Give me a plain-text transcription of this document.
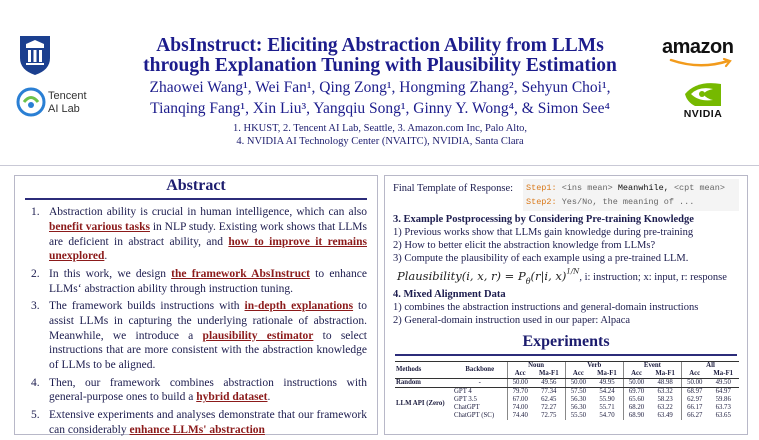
Tencent
AI Lab
amazon
NVIDIA
AbsInstruct: Eliciting Abstraction Ability from LLMs
through Explanation Tuning with Plausibility Estimation
Zhaowei Wang¹, Wei Fan¹, Qing Zong¹, Hongming Zhang², Sehyun Choi¹,
Tianqing Fang¹, Xin Liu³, Yangqiu Song¹, Ginny Y. Wong⁴, & Simon See⁴
1. HKUST, 2. Tencent AI Lab, Seattle, 3. Amazon.com Inc, Palo Alto,
4. NVIDIA AI Technology Center (NVAITC), NVIDIA, Santa Clara
Abstract
1. Abstraction ability is crucial in human intelligence, which can also benefit various tasks in NLP study. Existing work shows that LLMs are deficient in abstract ability, and how to improve it remains unexplored.
2. In this work, we design the framework AbsInstruct to enhance LLMs‘ abstraction ability through instruction tuning.
3. The framework builds instructions with in-depth explanations to assist LLMs in capturing the underlying rationale of abstraction. Meanwhile, we introduce a plausibility estimator to select instructions that are more consistent with the abstraction knowledge of LLMs to be aligned.
4. Then, our framework combines abstraction instructions with general-purpose ones to build a hybrid dataset.
5. Extensive experiments and analyses demonstrate that our framework can considerably enhance LLMs' abstraction
Final Template of Response: Step1: <ins mean> Meanwhile, <cpt mean>
Step2: Yes/No, the meaning of ...
3. Example Postprocessing by Considering Pre-training Knowledge
1) Previous works show that LLMs gain knowledge during pre-training
2) How to better elicit the abstraction knowledge from LLMs?
3) Compute the plausibility of each example using a pre-trained LLM.
Plausibility(i, x, $r) = P_\theta(r|i$, x)$^{1/N}$, i: instruction; x: input, r: response
4. Mixed Alignment Data
1) combines the abstraction instructions and general-domain instructions
2) General-domain instruction used in our paper: Alpaca
Experiments
Methods	Backbone	Noun		Verb		Event		All	
		Acc	Ma-F1	Acc	Ma-F1	Acc	Ma-F1	Acc	Ma-F1
Random	-	50.00	49.56	50.00	49.95	50.00	48.98	50.00	49.50
LLM API (Zero)	GPT 4	79.70	77.34	57.50	54.24	69.70	63.32	68.97	64.97
	GPT 3.5	67.00	62.45	56.30	55.90	65.60	58.23	62.97	59.86
	ChatGPT	74.00	72.27	56.30	55.71	68.20	63.22	66.17	63.73
	ChatGPT (SC)	74.40	72.75	55.50	54.70	68.90	63.49	66.27	63.65
